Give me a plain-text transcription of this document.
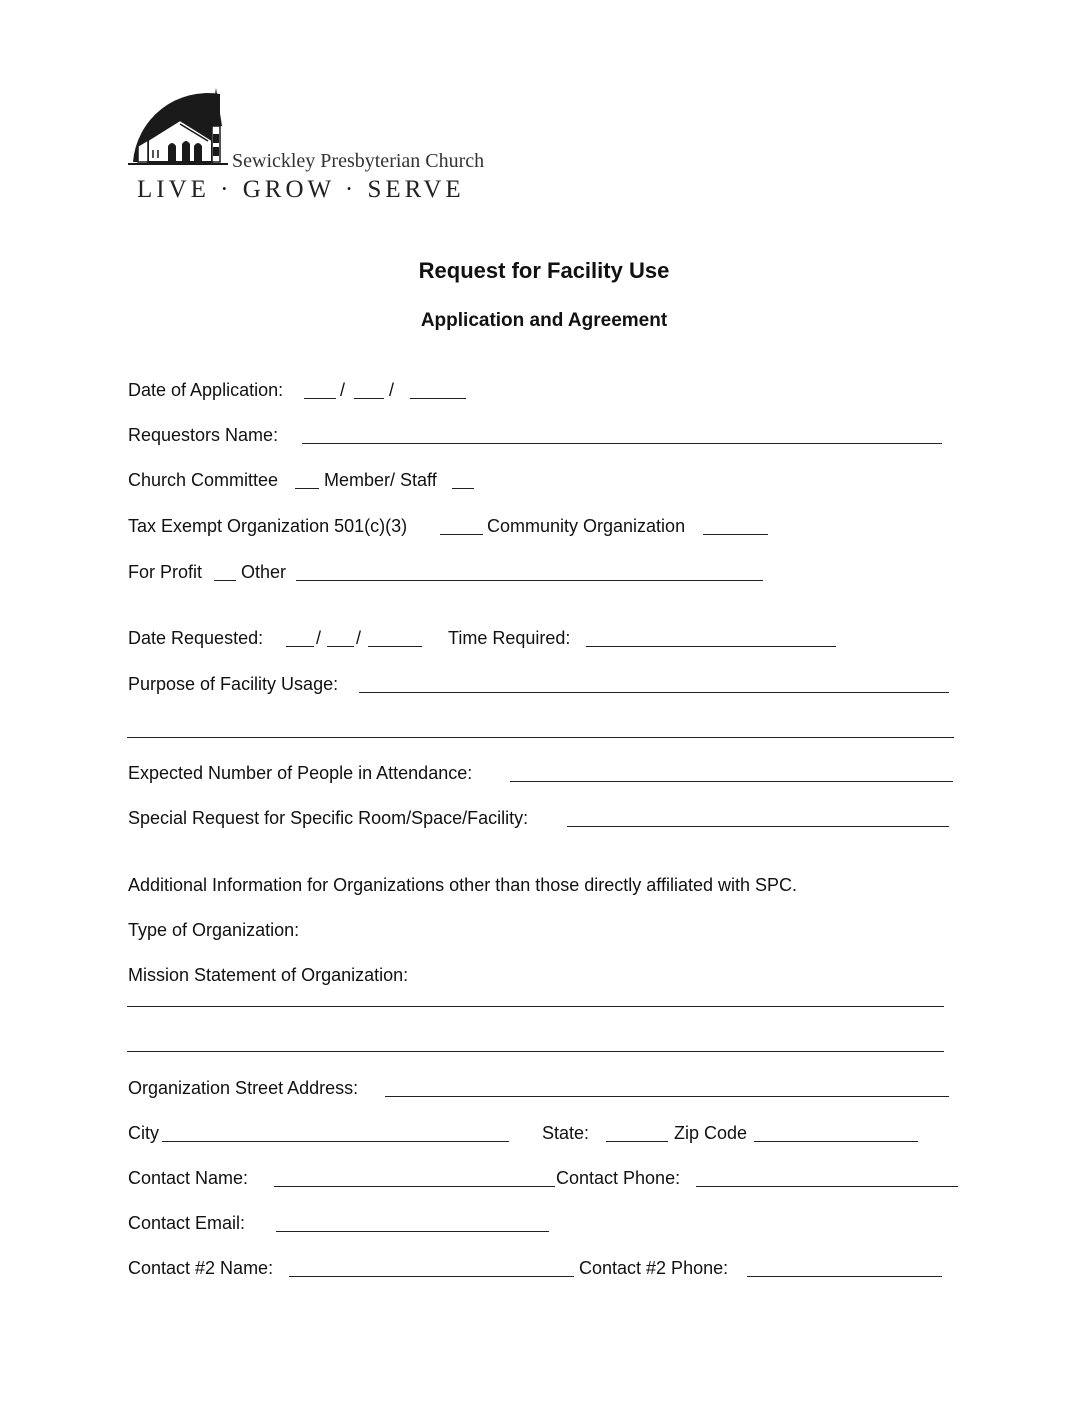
Sewickley Presbyterian Church
LIVE · GROW · SERVE
Request for Facility Use
Application and Agreement
Date of Application:	/ /
Requestors Name:
Church Committee	Member/ Staff
Tax Exempt Organization 501(c)(3)	Community Organization
For Profit Other
Date Requested:	/ /	Time Required:
Purpose of Facility Usage:
Expected Number of People in Attendance:
Special Request for Specific Room/Space/Facility:
Additional Information for Organizations other than those directly affiliated with SPC.
Type of Organization:
Mission Statement of Organization:
Organization Street Address:
City	State:	Zip Code
Contact Name:	Contact Phone:
Contact Email:
Contact #2 Name:	Contact #2 Phone:
